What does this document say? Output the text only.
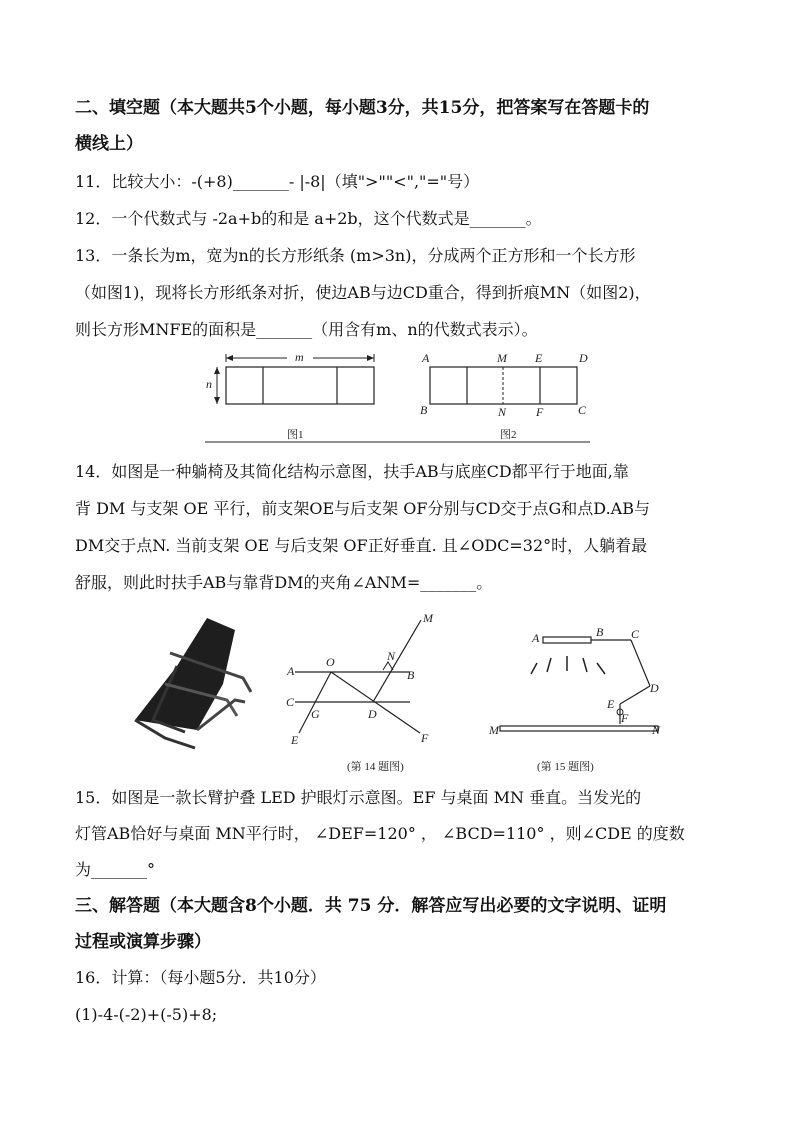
二、填空题（本大题共5个小题，每小题3分，共15分，把答案写在答题卡的
横线上）
11．比较大小：-(+8)_______- |-8|（填">""<","="号）
12．一个代数式与 -2a+b的和是 a+2b，这个代数式是_______。
13．一条长为m，宽为n的长方形纸条 (m>3n)，分成两个正方形和一个长方形
（如图1)，现将长方形纸条对折，使边AB与边CD重合，得到折痕MN（如图2)，
则长方形MNFE的面积是_______（用含有m、n的代数式表示）。
m
n
A	M E	D
B	N F	C
图1	图2
14．如图是一种躺椅及其简化结构示意图，扶手AB与底座CD都平行于地面,靠
背 DM 与支架 OE 平行，前支架OE与后支架 OF分别与CD交于点G和点D.AB与
DM交于点N. 当前支架 OE 与后支架 OF正好垂直. 且∠ODC=32°时，人躺着最
舒服，则此时扶手AB与靠背DM的夹角∠ANM=_______。
M
A
O	N
B
C
G	D
E	F
A	B C
D
E
F
M	N
(第 14 题图)	(第 15 题图)
15．如图是一款长臂护叠 LED 护眼灯示意图。EF 与桌面 MN 垂直。当发光的
灯管AB恰好与桌面 MN平行时， ∠DEF=120° ， ∠BCD=110° ，则∠CDE 的度数
为_______°
三、解答题（本大题含8个小题．共 75 分．解答应写出必要的文字说明、证明
过程或演算步骤）
16．计算：（每小题5分．共10分）
(1)-4-(-2)+(-5)+8;
